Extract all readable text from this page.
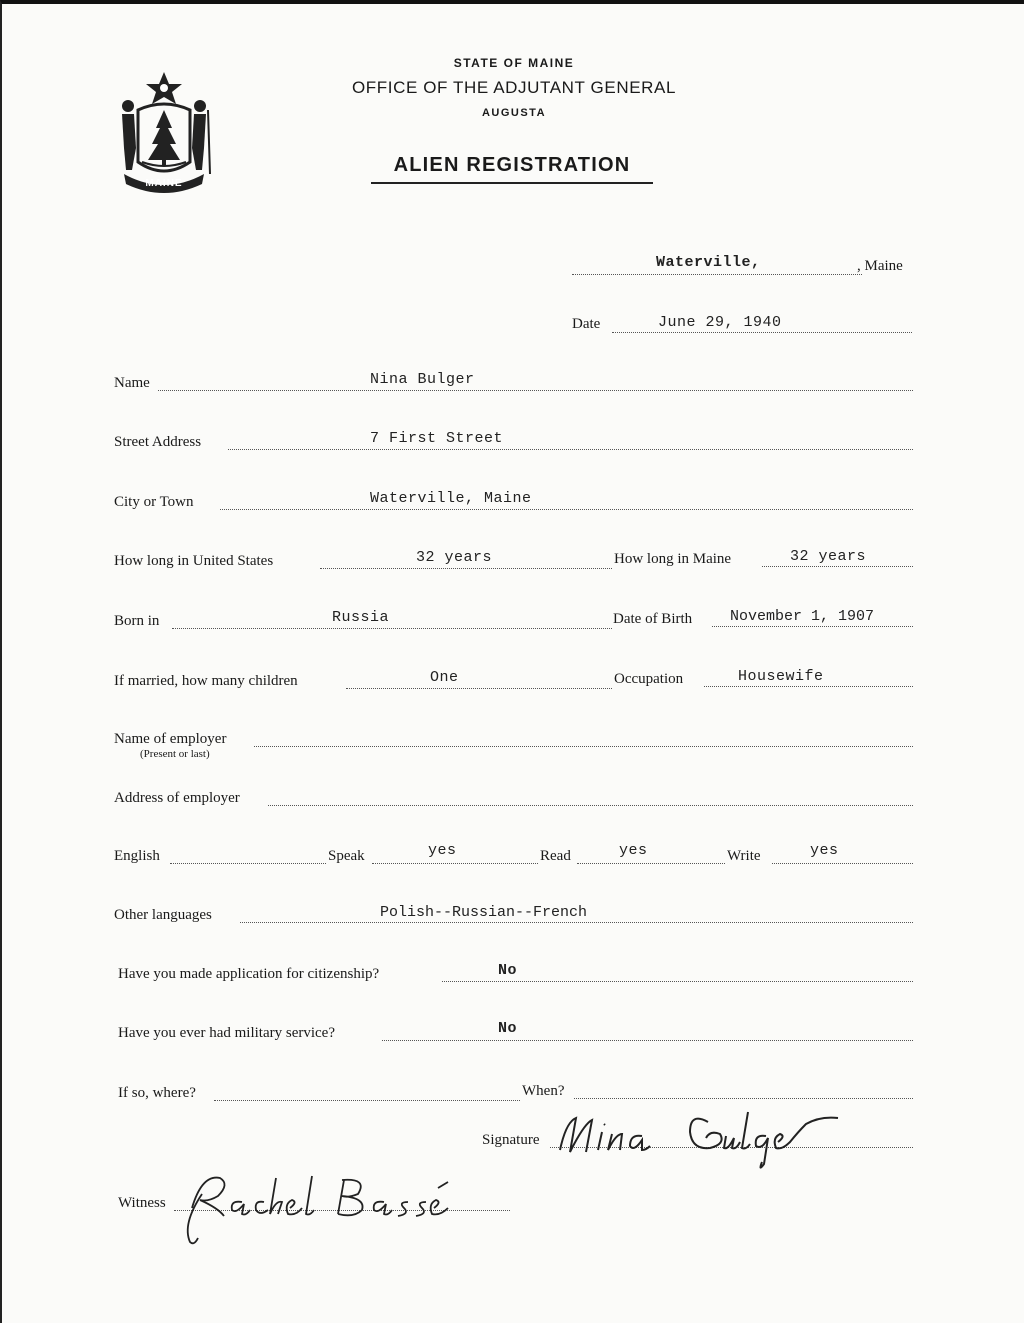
MAINE
STATE OF MAINE
OFFICE OF THE ADJUTANT GENERAL
AUGUSTA
ALIEN REGISTRATION
Waterville,	, Maine
Date	June 29, 1940
Name	Nina Bulger
Street Address	7 First Street
City or Town	Waterville, Maine
How long in United States	32 years	How long in Maine	32 years
Born in	Russia	Date of Birth	November 1, 1907
If married, how many children	One	Occupation	Housewife
Name of employer
(Present or last)
Address of employer
English	Speak	yes	Read	yes	Write	yes
Other languages	Polish--Russian--French
Have you made application for citizenship?	No
Have you ever had military service?	No
If so, where?	When?
Signature
Witness
